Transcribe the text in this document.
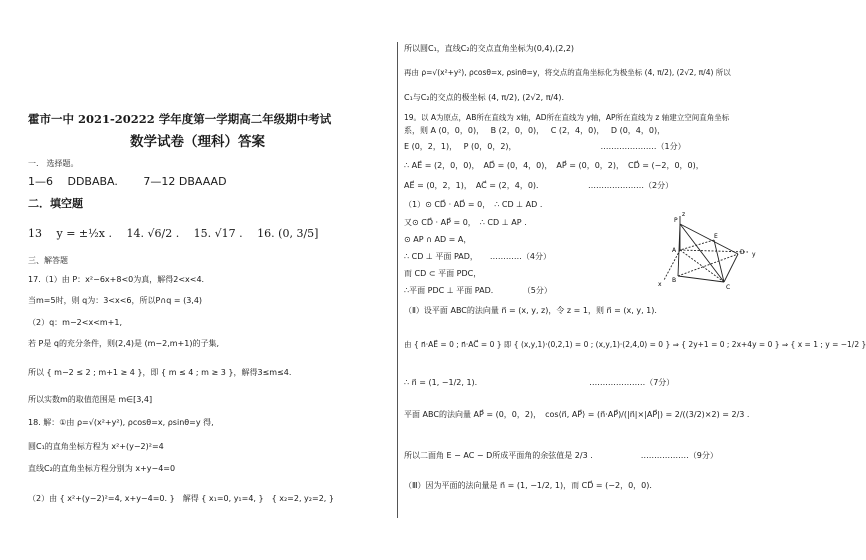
霍市一中 2021-20222 学年度第一学期高二年级期中考试
数学试卷（理科）答案
一.　选择题。
1—6　 DDBABA.　　 7—12 DBAAAD
二．填空题
13　 y = ±½x .　 14. √6/2 .　 15. √17 .　 16. (0, 3/5]
三、解答题
17.（1）由 P：x²−6x+8<0为真，解得2<x<4.
当m=5时，则 q为：3<x<6，所以P∩q = (3,4)
（2）q：m−2<x<m+1,
若 P是 q的充分条件，则(2,4)是 (m−2,m+1)的子集,
所以 { m−2 ≤ 2 ; m+1 ≥ 4 }，即 { m ≤ 4 ; m ≥ 3 }，解得3≤m≤4.
所以实数m的取值范围是 m∈[3,4]
18. 解：①由 ρ=√(x²+y²), ρcosθ=x, ρsinθ=y 得,
圆C₁的直角坐标方程为 x²+(y−2)²=4
直线C₂的直角坐标方程分别为 x+y−4=0
（2）由 { x²+(y−2)²=4, x+y−4=0. }　解得 { x₁=0, y₁=4, }　{ x₂=2, y₂=2, }
所以圆C₁，直线C₂的交点直角坐标为(0,4),(2,2)
再由 ρ=√(x²+y²), ρcosθ=x, ρsinθ=y，将交点的直角坐标化为极坐标 (4, π/2), (2√2, π/4) 所以
C₁与C₂的交点的极坐标 (4, π/2), (2√2, π/4).
19。以 A为原点，AB所在直线为 x轴，AD所在直线为 y轴，AP所在直线为 z 轴建立空间直角坐标
系，则 A (0，0，0)，　 B (2，0，0)，　 C (2，4，0)，　 D (0，4，0)，
E (0，2，1)，　 P (0，0，2)，　　　　　　　　　　　…………………（1分）
∴ AE⃗ = (2，0，0)，　AD⃗ = (0，4，0)，　AP⃗ = (0，0，2)，　CD⃗ = (−2，0，0)，
AE⃗ = (0，2，1)，　AC⃗ = (2，4，0)．　　　　　　…………………（2分）
（1）⊙ CD⃗ · AD⃗ = 0，　∴ CD ⊥ AD .
又⊙ CD⃗ · AP⃗ = 0，　∴ CD ⊥ AP .
⊙ AP ∩ AD = A，
∴ CD ⊥ 平面 PAD，　　…………（4分）
而 CD ⊂ 平面 PDC，
∴平面 PDC ⊥ 平面 PAD．　　　　（5分）
（Ⅱ）设平面 ABC的法向量 n⃗ = (x, y, z)，令 z = 1，则 n⃗ = (x, y, 1).
由 { n⃗·AE⃗ = 0 ; n⃗·AC⃗ = 0 } 即 { (x,y,1)·(0,2,1) = 0 ; (x,y,1)·(2,4,0) = 0 } ⇒ { 2y+1 = 0 ; 2x+4y = 0 } ⇒ { x = 1 ; y = −1/2 }
∴ n⃗ = (1, −1/2, 1).　　　　　　　　　　　　　　…………………（7分）
平面 ABC的法向量 AP⃗ = (0，0，2)，　cos⟨n⃗, AP⃗⟩ = (n⃗·AP⃗)/(|n⃗|×|AP⃗|) = 2/((3/2)×2) = 2/3 .
所以二面角 E − AC − D所成平面角的余弦值是 2/3 .　　　　　　………………（9分）
（Ⅲ）因为平面的法向量是 n⃗ = (1, −1/2, 1)，而 CD⃗ = (−2，0，0)．
P
E
D y
A
B
C
x
z
